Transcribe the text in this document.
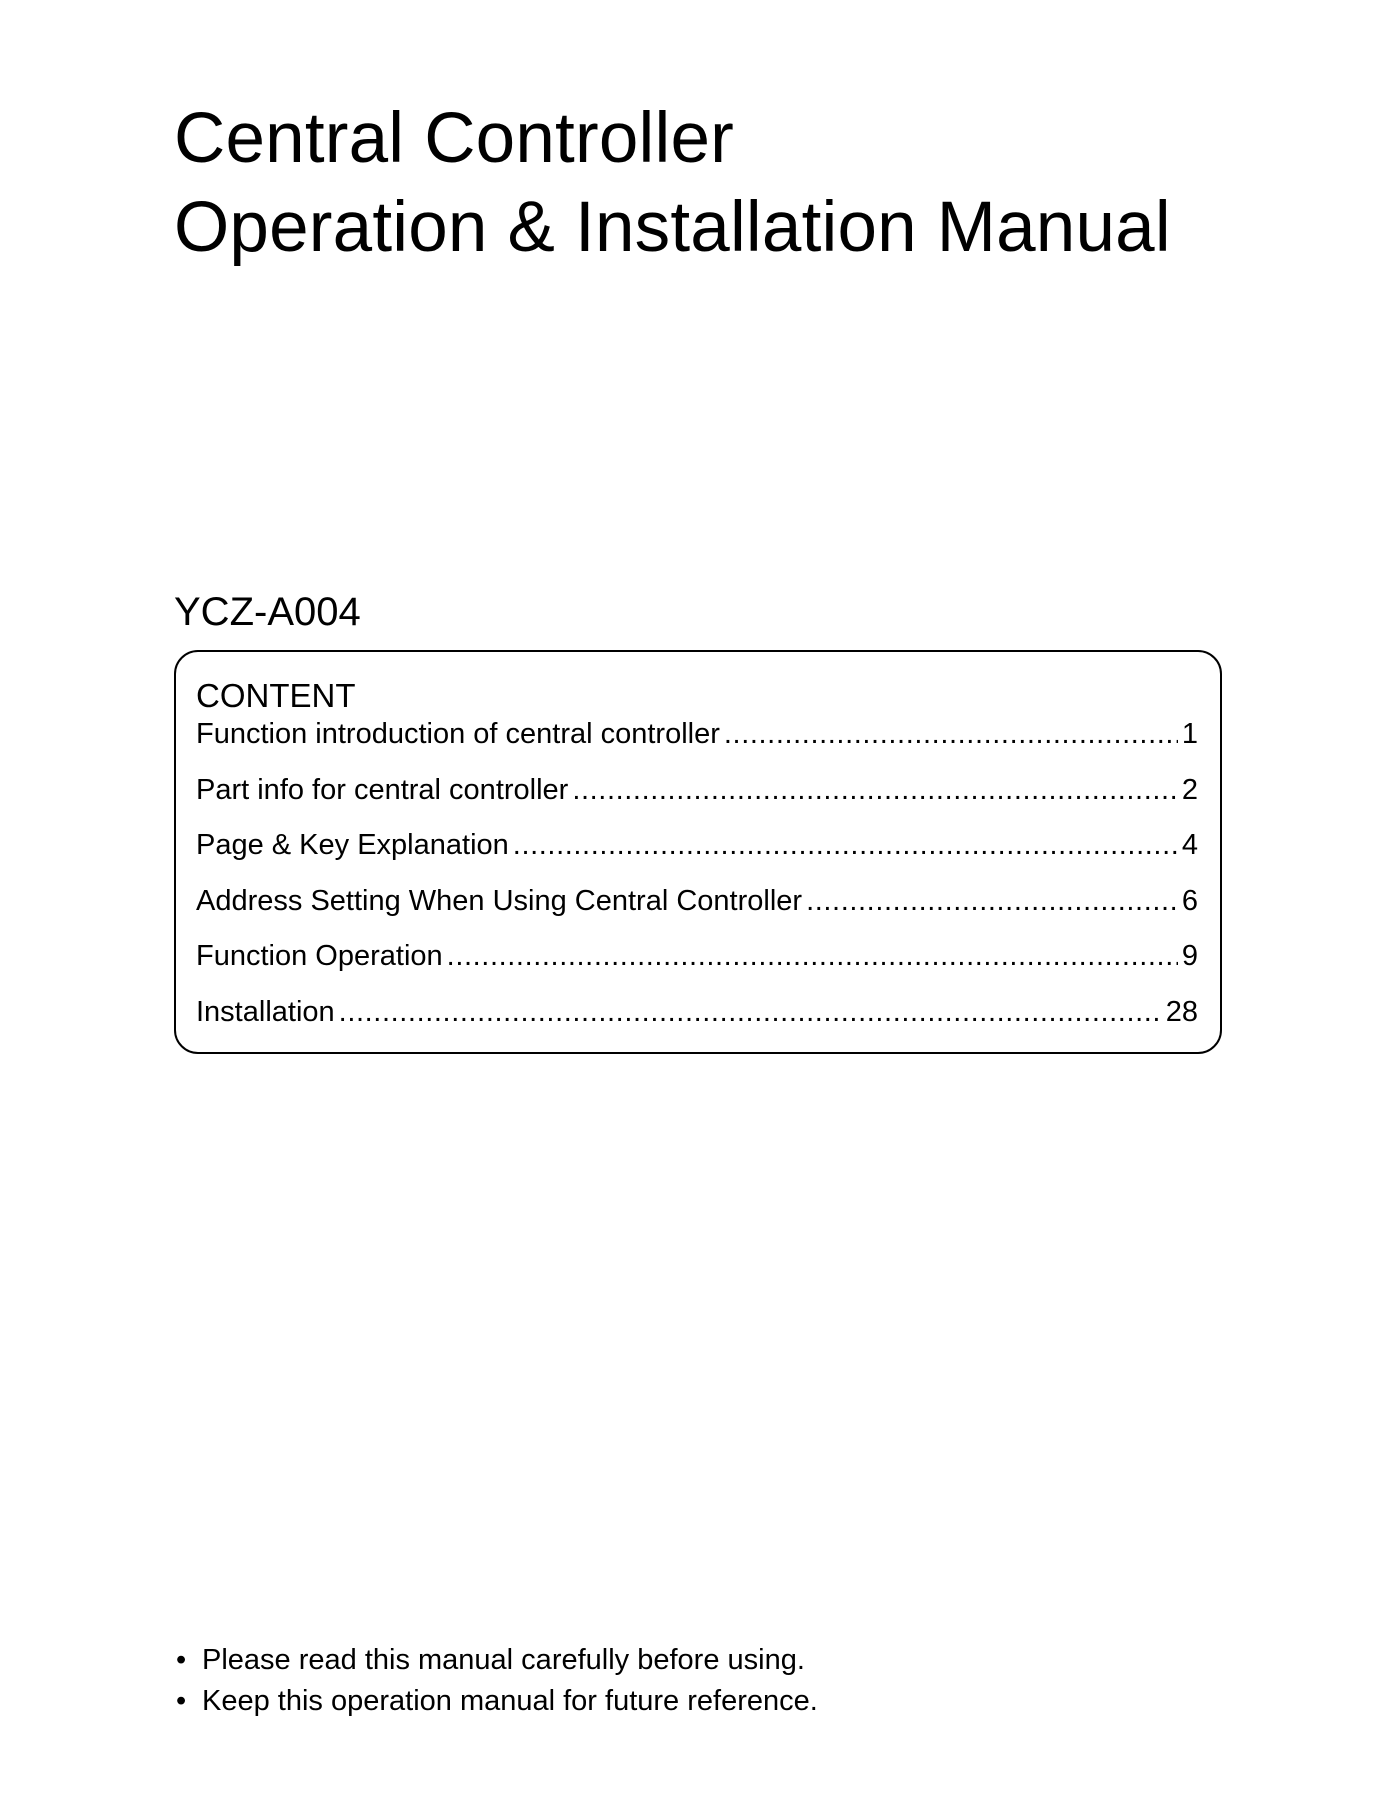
Central Controller
Operation & Installation Manual
YCZ-A004
CONTENT
Function introduction of central controller .....	1
Part info for central controller .....	2
Page & Key Explanation .....	4
Address Setting When Using Central Controller .....	6
Function Operation .....	9
Installation .....	28
• Please read this manual carefully before using.
• Keep this operation manual for future reference.
